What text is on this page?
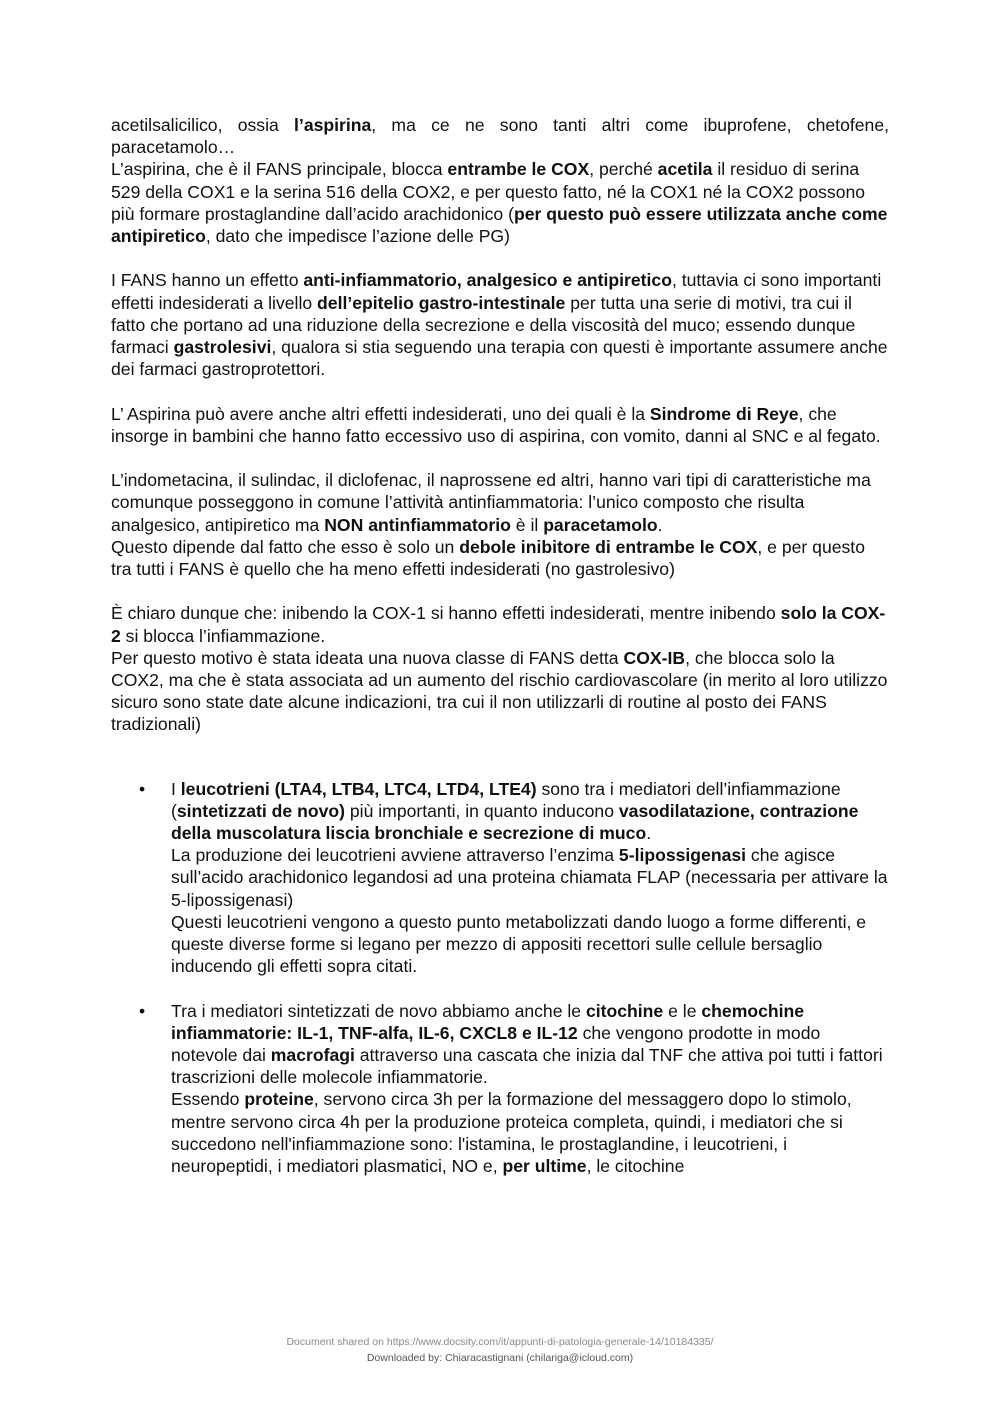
acetilsalicilico, ossia l’aspirina, ma ce ne sono tanti altri come ibuprofene, chetofene, paracetamolo…

L’aspirina, che è il FANS principale, blocca entrambe le COX, perché acetila il residuo di serina 529 della COX1 e la serina 516 della COX2, e per questo fatto, né la COX1 né la COX2 possono più formare prostaglandine dall’acido arachidonico (per questo può essere utilizzata anche come antipiretico, dato che impedisce l’azione delle PG)

I FANS hanno un effetto anti-infiammatorio, analgesico e antipiretico, tuttavia ci sono importanti effetti indesiderati a livello dell’epitelio gastro-intestinale per tutta una serie di motivi, tra cui il fatto che portano ad una riduzione della secrezione e della viscosità del muco; essendo dunque farmaci gastrolesivi, qualora si stia seguendo una terapia con questi è importante assumere anche dei farmaci gastroprotettori.

L’ Aspirina può avere anche altri effetti indesiderati, uno dei quali è la Sindrome di Reye, che insorge in bambini che hanno fatto eccessivo uso di aspirina, con vomito, danni al SNC e al fegato.

L’indometacina, il sulindac, il diclofenac, il naprossene ed altri, hanno vari tipi di caratteristiche ma comunque posseggono in comune l’attività antinfiammatoria: l’unico composto che risulta analgesico, antipiretico ma NON antinfiammatorio è il paracetamolo.

Questo dipende dal fatto che esso è solo un debole inibitore di entrambe le COX, e per questo tra tutti i FANS è quello che ha meno effetti indesiderati (no gastrolesivo)

È chiaro dunque che: inibendo la COX-1 si hanno effetti indesiderati, mentre inibendo solo la COX-2 si blocca l’infiammazione.

Per questo motivo è stata ideata una nuova classe di FANS detta COX-IB, che blocca solo la COX2, ma che è stata associata ad un aumento del rischio cardiovascolare (in merito al loro utilizzo sicuro sono state date alcune indicazioni, tra cui il non utilizzarli di routine al posto dei FANS tradizionali)

• I leucotrieni (LTA4, LTB4, LTC4, LTD4, LTE4) sono tra i mediatori dell’infiammazione (sintetizzati de novo) più importanti, in quanto inducono vasodilatazione, contrazione della muscolatura liscia bronchiale e secrezione di muco.

La produzione dei leucotrieni avviene attraverso l’enzima 5-lipossigenasi che agisce sull’acido arachidonico legandosi ad una proteina chiamata FLAP (necessaria per attivare la 5-lipossigenasi)

Questi leucotrieni vengono a questo punto metabolizzati dando luogo a forme differenti, e queste diverse forme si legano per mezzo di appositi recettori sulle cellule bersaglio inducendo gli effetti sopra citati.

• Tra i mediatori sintetizzati de novo abbiamo anche le citochine e le chemochine infiammatorie: IL-1, TNF-alfa, IL-6, CXCL8 e IL-12 che vengono prodotte in modo notevole dai macrofagi attraverso una cascata che inizia dal TNF che attiva poi tutti i fattori trascrizioni delle molecole infiammatorie.

Essendo proteine, servono circa 3h per la formazione del messaggero dopo lo stimolo, mentre servono circa 4h per la produzione proteica completa, quindi, i mediatori che si succedono nell'infiammazione sono: l'istamina, le prostaglandine, i leucotrieni, i neuropeptidi, i mediatori plasmatici, NO e, per ultime, le citochine

Document shared on https://www.docsity.com/it/appunti-di-patologia-generale-14/10184335/
Downloaded by: Chiaracastignani (chilariga@icloud.com)
